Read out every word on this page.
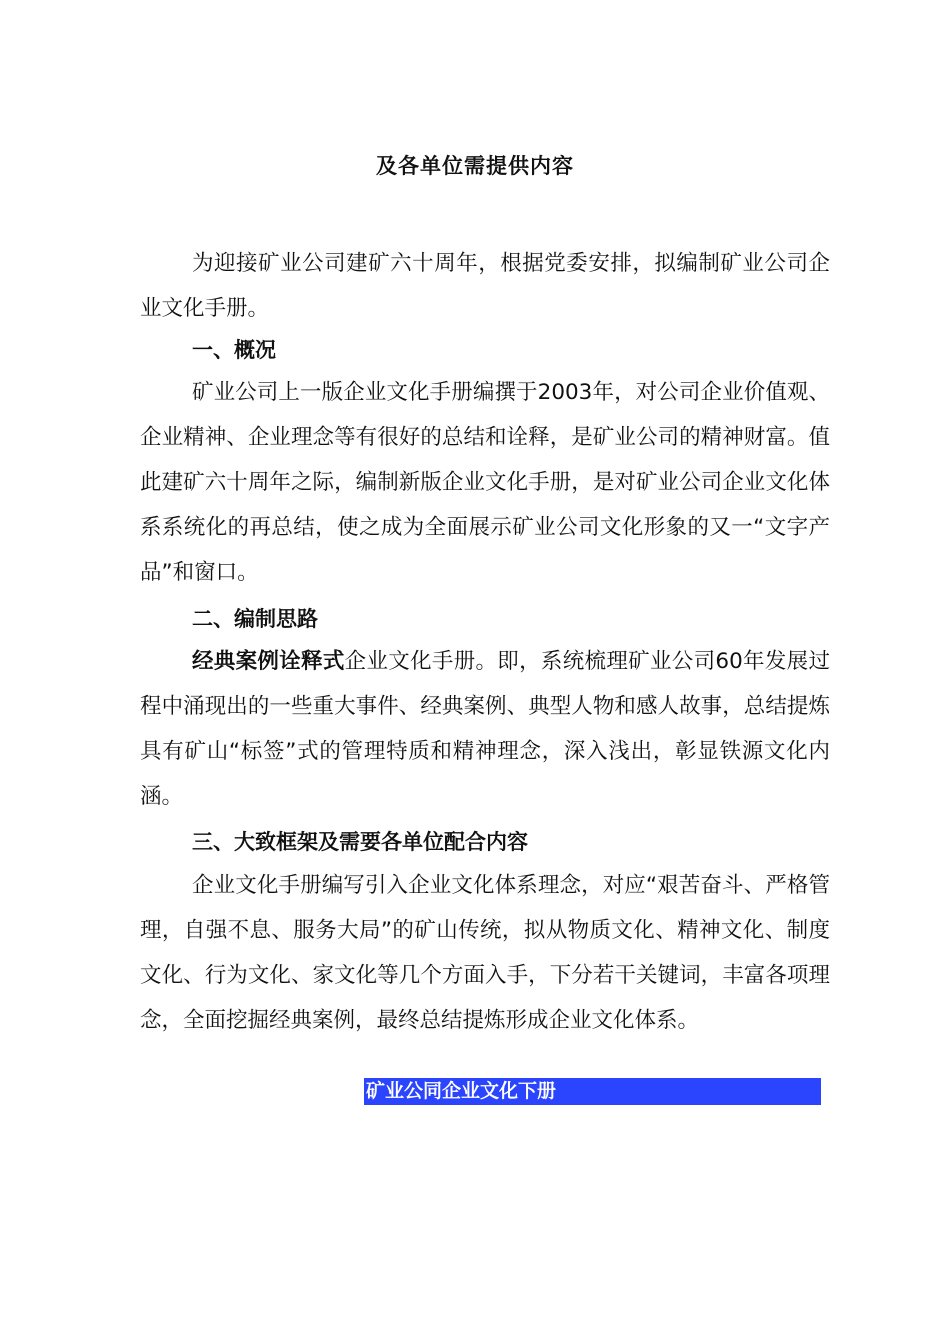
及各单位需提供内容

为迎接矿业公司建矿六十周年，根据党委安排，拟编制矿业公司企业文化手册。

一、概况

矿业公司上一版企业文化手册编撰于2003年，对公司企业价值观、企业精神、企业理念等有很好的总结和诠释，是矿业公司的精神财富。值此建矿六十周年之际，编制新版企业文化手册，是对矿业公司企业文化体系系统化的再总结，使之成为全面展示矿业公司文化形象的又一“文字产品”和窗口。

二、编制思路

经典案例诠释式企业文化手册。即，系统梳理矿业公司60年发展过程中涌现出的一些重大事件、经典案例、典型人物和感人故事，总结提炼具有矿山“标签”式的管理特质和精神理念，深入浅出，彰显铁源文化内涵。

三、大致框架及需要各单位配合内容

企业文化手册编写引入企业文化体系理念，对应“艰苦奋斗、严格管理，自强不息、服务大局”的矿山传统，拟从物质文化、精神文化、制度文化、行为文化、家文化等几个方面入手，下分若干关键词，丰富各项理念，全面挖掘经典案例，最终总结提炼形成企业文化体系。

矿业公同企业文化下册
